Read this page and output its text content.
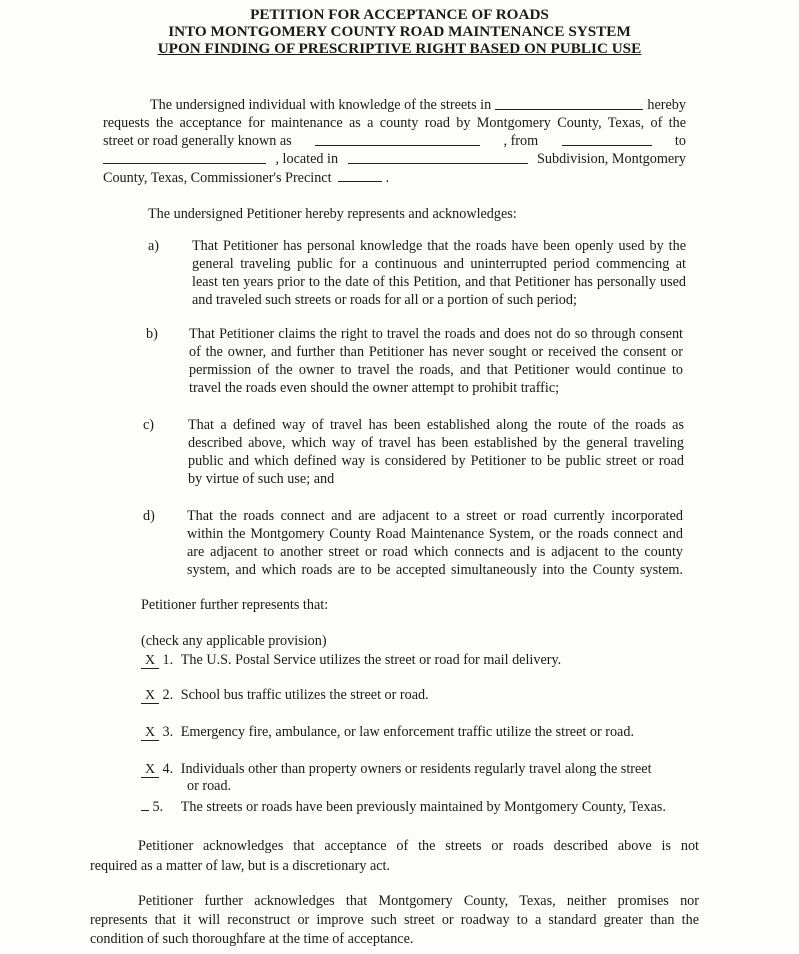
PETITION FOR ACCEPTANCE OF ROADS
INTO MONTGOMERY COUNTY ROAD MAINTENANCE SYSTEM
UPON FINDING OF PRESCRIPTIVE RIGHT BASED ON PUBLIC USE
The undersigned individual with knowledge of the streets in	hereby
requests the acceptance for maintenance as a county road by Montgomery County, Texas, of the
street or road generally known as	, from	to
, located in	Subdivision, Montgomery
County, Texas, Commissioner's Precinct	.
The undersigned Petitioner hereby represents and acknowledges:
a) That Petitioner has personal knowledge that the roads have been openly used by the
general traveling public for a continuous and uninterrupted period commencing at
least ten years prior to the date of this Petition, and that Petitioner has personally used
and traveled such streets or roads for all or a portion of such period;
b) That Petitioner claims the right to travel the roads and does not do so through consent
of the owner, and further than Petitioner has never sought or received the consent or
permission of the owner to travel the roads, and that Petitioner would continue to
travel the roads even should the owner attempt to prohibit traffic;
c) That a defined way of travel has been established along the route of the roads as
described above, which way of travel has been established by the general traveling
public and which defined way is considered by Petitioner to be public street or road
by virtue of such use; and
d) That the roads connect and are adjacent to a street or road currently incorporated
within the Montgomery County Road Maintenance System, or the roads connect and
are adjacent to another street or road which connects and is adjacent to the county
system, and which roads are to be accepted simultaneously into the County system.
Petitioner further represents that:
(check any applicable provision)
X 1. The U.S. Postal Service utilizes the street or road for mail delivery.
X 2. School bus traffic utilizes the street or road.
X 3. Emergency fire, ambulance, or law enforcement traffic utilize the street or road.
X 4. Individuals other than property owners or residents regularly travel along the street
or road.
5. The streets or roads have been previously maintained by Montgomery County, Texas.
Petitioner acknowledges that acceptance of the streets or roads described above is not
required as a matter of law, but is a discretionary act.
Petitioner further acknowledges that Montgomery County, Texas, neither promises nor
represents that it will reconstruct or improve such street or roadway to a standard greater than the
condition of such thoroughfare at the time of acceptance.
